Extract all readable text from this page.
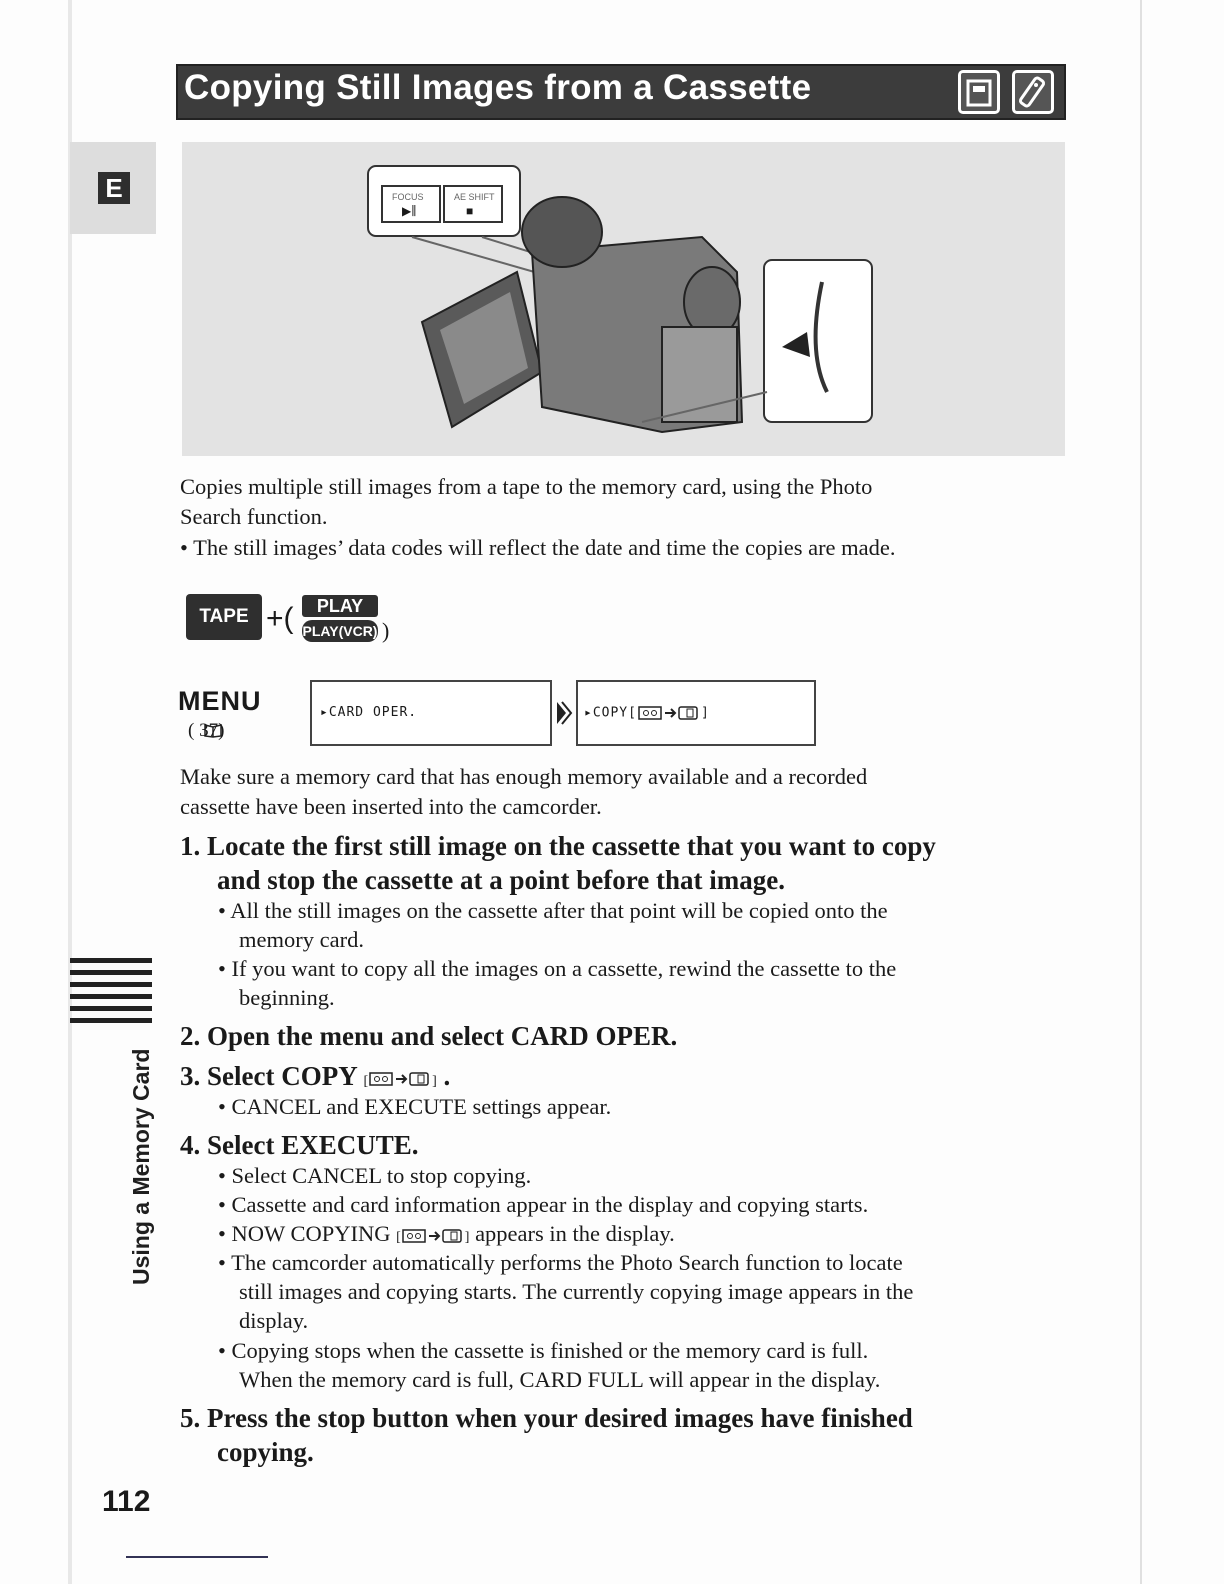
Copying Still Images from a Cassette
E	FOCUS	AE SHIFT
▶∥	■
Copies multiple still images from a tape to the memory card, using the Photo
Search function.
• The still images’ data codes will reflect the date and time the copies are made.
TAPE +(	PLAY
PLAY(VCR) )
MENU
( 37)
▸CARD OPER.	▸COPY[	]
Make sure a memory card that has enough memory available and a recorded
cassette have been inserted into the camcorder.
1. Locate the first still image on the cassette that you want to copy
and stop the cassette at a point before that image.
• All the still images on the cassette after that point will be copied onto the
memory card.
• If you want to copy all the images on a cassette, rewind the cassette to the
beginning.
2. Open the menu and select CARD OPER.
3. Select COPY [	] .
• CANCEL and EXECUTE settings appear.
4. Select EXECUTE.
• Select CANCEL to stop copying.
• Cassette and card information appear in the display and copying starts.
• NOW COPYING [	] appears in the display.
• The camcorder automatically performs the Photo Search function to locate
still images and copying starts. The currently copying image appears in the
display.
• Copying stops when the cassette is finished or the memory card is full.
When the memory card is full, CARD FULL will appear in the display.
5. Press the stop button when your desired images have finished
copying.
Using a Memory Card
112
